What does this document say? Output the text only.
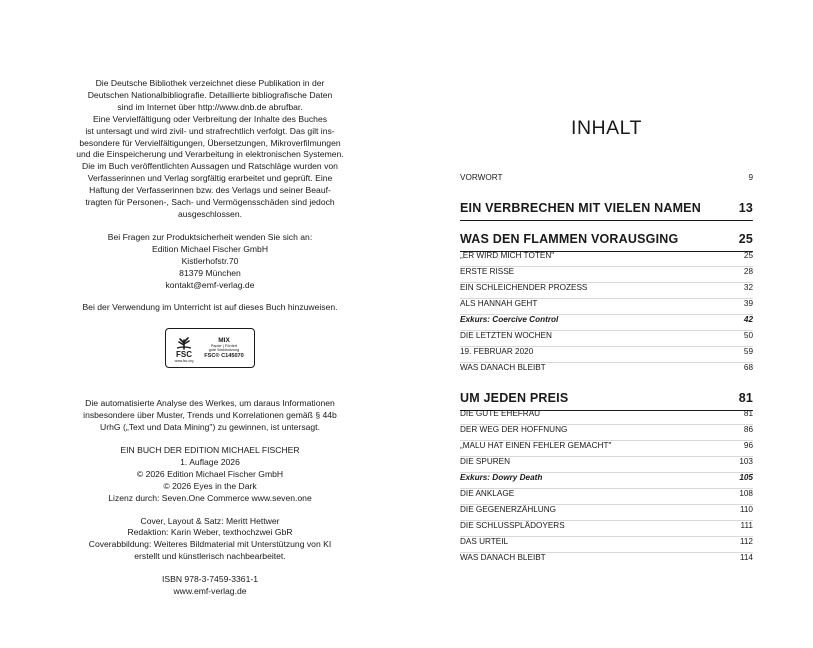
Die Deutsche Bibliothek verzeichnet diese Publikation in der
Deutschen Nationalbibliografie. Detaillierte bibliografische Daten
sind im Internet über http://www.dnb.de abrufbar.
Eine Vervielfältigung oder Verbreitung der Inhalte des Buches
ist untersagt und wird zivil- und strafrechtlich verfolgt. Das gilt ins-
besondere für Vervielfältigungen, Übersetzungen, Mikroverfilmungen
und die Einspeicherung und Verarbeitung in elektronischen Systemen.
Die im Buch veröffentlichten Aussagen und Ratschläge wurden von
Verfasserinnen und Verlag sorgfältig erarbeitet und geprüft. Eine
Haftung der Verfasserinnen bzw. des Verlags und seiner Beauf-
tragten für Personen-, Sach- und Vermögensschäden sind jedoch
ausgeschlossen.
Bei Fragen zur Produktsicherheit wenden Sie sich an:
Edition Michael Fischer GmbH
Kistlerhofstr.70
81379 München
kontakt@emf-verlag.de
Bei der Verwendung im Unterricht ist auf dieses Buch hinzuweisen.
FSC
www.fsc.org
MIX
Papier | Fördert
gute Waldnutzung
FSC® C145070
Die automatisierte Analyse des Werkes, um daraus Informationen
insbesondere über Muster, Trends und Korrelationen gemäß § 44b
UrhG („Text und Data Mining") zu gewinnen, ist untersagt.
EIN BUCH DER EDITION MICHAEL FISCHER
1. Auflage 2026
© 2026 Edition Michael Fischer GmbH
© 2026 Eyes in the Dark
Lizenz durch: Seven.One Commerce www.seven.one
Cover, Layout & Satz: Meritt Hettwer
Redaktion: Karin Weber, texthochzwei GbR
Coverabbildung: Weiteres Bildmaterial mit Unterstützung von KI
erstellt und künstlerisch nachbearbeitet.
ISBN 978-3-7459-3361-1
www.emf-verlag.de
INHALT
VORWORT	9
EIN VERBRECHEN MIT VIELEN NAMEN	13
WAS DEN FLAMMEN VORAUSGING	25
„ER WIRD MICH TÖTEN"	25
ERSTE RISSE	28
EIN SCHLEICHENDER PROZESS	32
ALS HANNAH GEHT	39
Exkurs: Coercive Control	42
DIE LETZTEN WOCHEN	50
19. FEBRUAR 2020	59
WAS DANACH BLEIBT	68
UM JEDEN PREIS	81
DIE GUTE EHEFRAU	81
DER WEG DER HOFFNUNG	86
„MALU HAT EINEN FEHLER GEMACHT"	96
DIE SPUREN	103
Exkurs: Dowry Death	105
DIE ANKLAGE	108
DIE GEGENERZÄHLUNG	110
DIE SCHLUSSPLÄDOYERS	111
DAS URTEIL	112
WAS DANACH BLEIBT	114
